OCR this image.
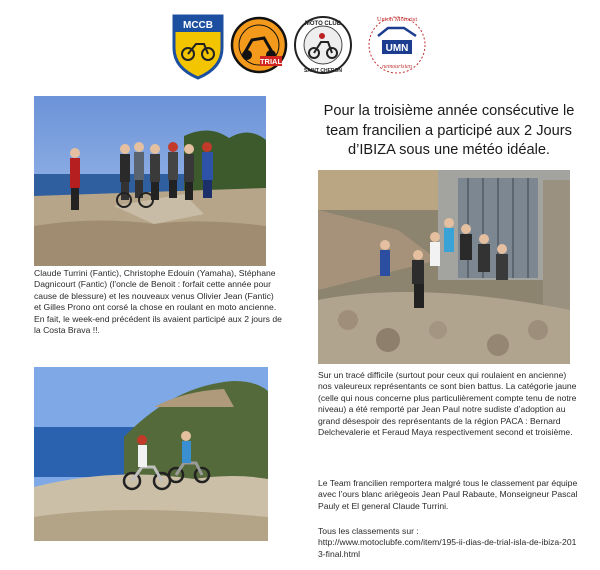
MCCB
TRIAL
MOTO CLUB
SAINT CHERON
Union Motorist
UMN
nemourisien
Claude Turrini (Fantic), Christophe Edouin (Yamaha), Stéphane Dagnicourt (Fantic) (l’oncle de Benoit : forfait cette année pour cause de blessure) et les nouveaux venus Olivier Jean (Fantic) et Gilles Prono ont corsé la chose en roulant en moto ancienne. En fait, le week-end précédent ils avaient participé aux 2 jours de la Costa Brava !!.
Pour la troisième année consécutive le team francilien a participé aux 2 Jours d’IBIZA sous une météo idéale.

Sur un tracé difficile (surtout pour ceux qui roulaient en ancienne) nos valeureux représentants ce sont bien battus. La catégorie jaune (celle qui nous concerne plus particulièrement compte tenu de notre niveau) a été remporté par Jean Paul notre sudiste d’adoption au grand désespoir des représentants de la région PACA : Bernard Delchevalerie et Feraud Maya respectivement second et troisième.

Le Team francilien remportera malgré tous le classement par équipe avec l’ours blanc ariègeois Jean Paul Rabaute, Monseigneur Pascal Pauly et El general Claude Turrini.

Tous les classements sur :
http://www.motoclubfe.com/item/195-ii-dias-de-trial-isla-de-ibiza-2013-final.html
